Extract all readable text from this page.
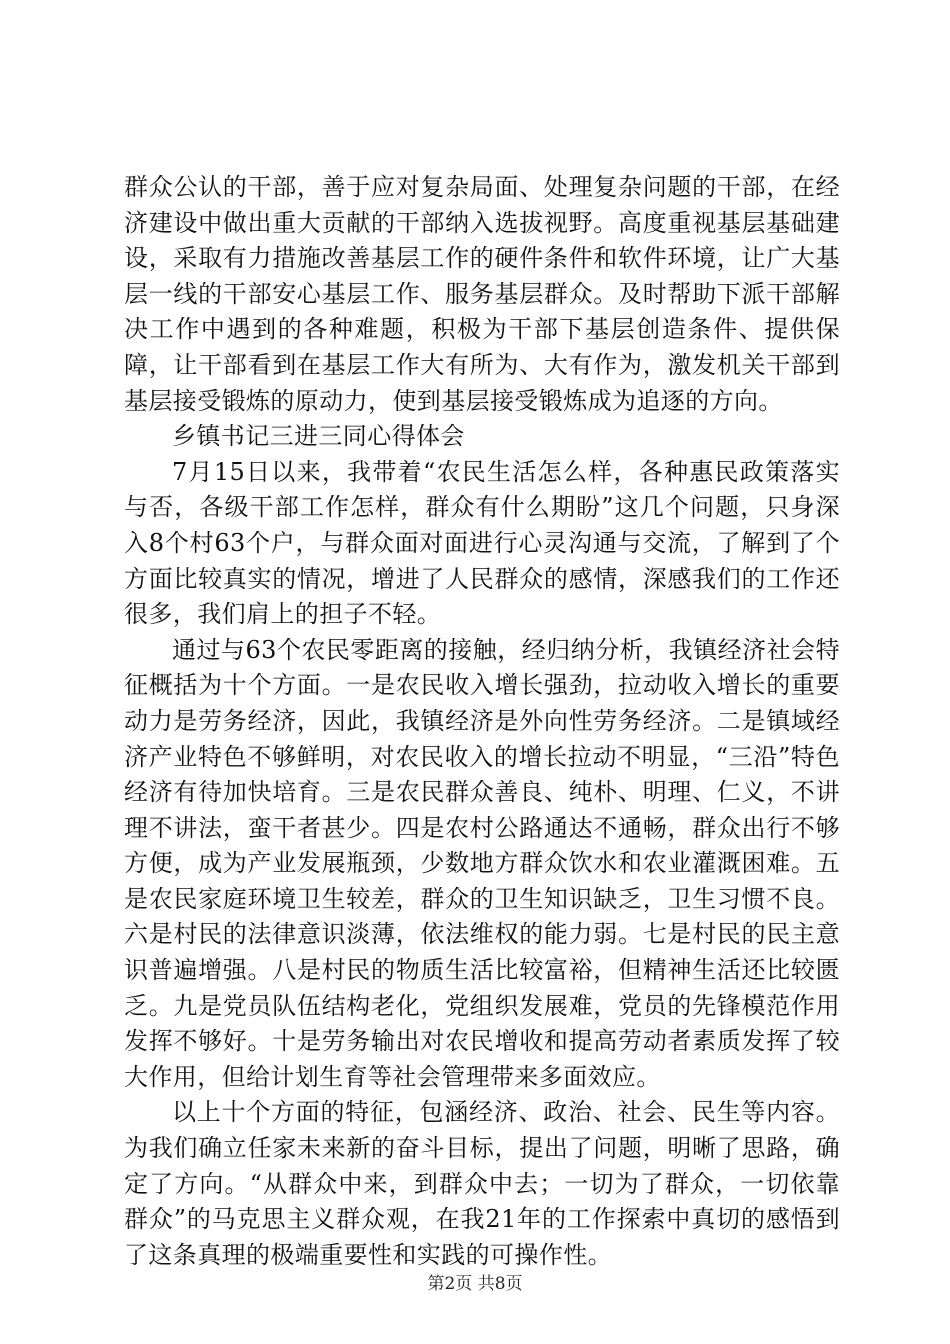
群众公认的干部，善于应对复杂局面、处理复杂问题的干部，在经济建设中做出重大贡献的干部纳入选拔视野。高度重视基层基础建设，采取有力措施改善基层工作的硬件条件和软件环境，让广大基层一线的干部安心基层工作、服务基层群众。及时帮助下派干部解决工作中遇到的各种难题，积极为干部下基层创造条件、提供保障，让干部看到在基层工作大有所为、大有作为，激发机关干部到基层接受锻炼的原动力，使到基层接受锻炼成为追逐的方向。

乡镇书记三进三同心得体会

7月15日以来，我带着“农民生活怎么样，各种惠民政策落实与否，各级干部工作怎样，群众有什么期盼”这几个问题，只身深入8个村63个户，与群众面对面进行心灵沟通与交流，了解到了个方面比较真实的情况，增进了人民群众的感情，深感我们的工作还很多，我们肩上的担子不轻。

通过与63个农民零距离的接触，经归纳分析，我镇经济社会特征概括为十个方面。一是农民收入增长强劲，拉动收入增长的重要动力是劳务经济，因此，我镇经济是外向性劳务经济。二是镇域经济产业特色不够鲜明，对农民收入的增长拉动不明显，“三沿”特色经济有待加快培育。三是农民群众善良、纯朴、明理、仁义，不讲理不讲法，蛮干者甚少。四是农村公路通达不通畅，群众出行不够方便，成为产业发展瓶颈，少数地方群众饮水和农业灌溉困难。五是农民家庭环境卫生较差，群众的卫生知识缺乏，卫生习惯不良。六是村民的法律意识淡薄，依法维权的能力弱。七是村民的民主意识普遍增强。八是村民的物质生活比较富裕，但精神生活还比较匮乏。九是党员队伍结构老化，党组织发展难，党员的先锋模范作用发挥不够好。十是劳务输出对农民增收和提高劳动者素质发挥了较大作用，但给计划生育等社会管理带来多面效应。

以上十个方面的特征，包涵经济、政治、社会、民生等内容。为我们确立任家未来新的奋斗目标，提出了问题，明晰了思路，确定了方向。“从群众中来，到群众中去；一切为了群众，一切依靠群众”的马克思主义群众观，在我21年的工作探索中真切的感悟到了这条真理的极端重要性和实践的可操作性。

第2页 共8页
